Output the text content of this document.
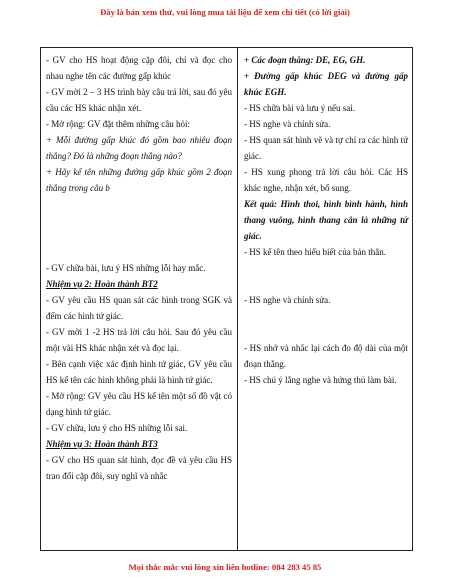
Đây là bản xem thử, vui lòng mua tài liệu để xem chi tiết (có lời giải)

- GV cho HS hoạt động cặp đôi, chỉ và đọc cho nhau nghe tên các đường gấp khúc

- GV mời 2 – 3 HS trình bày câu trả lời, sau đó yêu cầu các HS khác nhận xét.

- Mở rộng: GV đặt thêm những câu hỏi:

+ Mỗi đường gấp khúc đó gồm bao nhiêu đoạn thẳng? Đó là những đoạn thẳng nào?

+ Hãy kể tên những đường gấp khúc gồm 2 đoạn thẳng trong câu b

- GV chữa bài, lưu ý HS những lỗi hay mắc.

Nhiệm vụ 2: Hoàn thành BT2

- GV yêu cầu HS quan sát các hình trong SGK và đếm các hình tứ giác.

- GV mời 1 -2 HS trả lời câu hỏi. Sau đó yêu cầu một vài HS khác nhận xét và đọc lại.

- Bên cạnh việc xác định hình tứ giác, GV yêu cầu HS kể tên các hình không phải là hình tứ giác.

- Mở rộng: GV yêu cầu HS kể tên một số đồ vật có dạng hình tứ giác.

- GV chữa, lưu ý cho HS những lỗi sai.

Nhiệm vụ 3: Hoàn thành BT3

- GV cho HS quan sát hình, đọc đề và yêu cầu HS trao đổi cặp đôi, suy nghĩ và nhắc

+ Các đoạn thẳng: DE, EG, GH.

+ Đường gấp khúc DEG và đường gấp khúc EGH.

- HS chữa bài và lưu ý nếu sai.

- HS nghe và chỉnh sửa.

- HS quan sát hình vẽ và tự chỉ ra các hình tứ giác.

- HS xung phong trả lời câu hỏi. Các HS khác nghe, nhận xét, bổ sung.

Kết quả: Hình thoi, hình bình hành, hình thang vuông, hình thang cân là những tứ giác.

- HS kể tên theo hiểu biết của bản thân.

- HS nghe và chỉnh sửa.

- HS nhớ và nhắc lại cách đo độ dài của một đoạn thẳng.

- HS chú ý lắng nghe và hứng thú làm bài.

Mọi thắc mắc vui lòng xin liên hotline: 084 283 45 85
